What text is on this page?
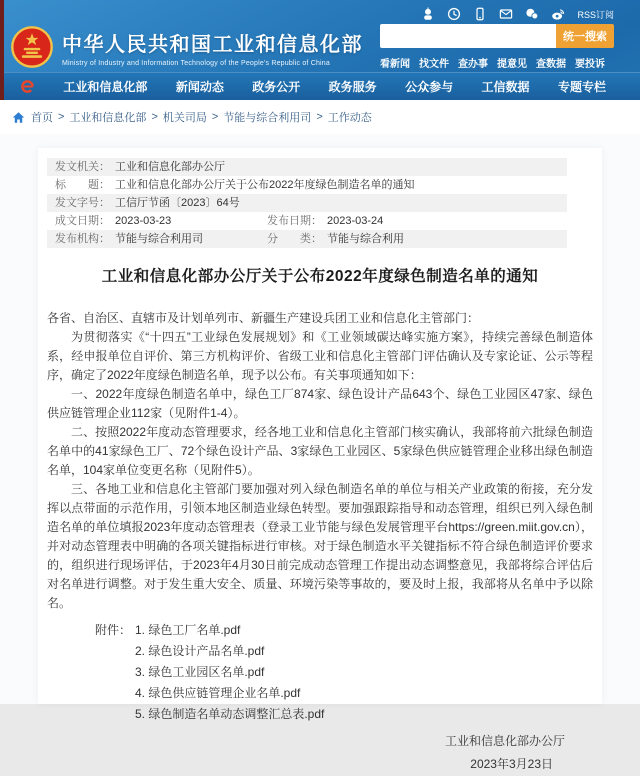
RSS订阅
中华人民共和国工业和信息化部
Ministry of Industry and Information Technology of the People's Republic of China
统一搜索
看新闻 找文件 查办事 提意见 查数据 要投诉
工业和信息化部 新闻动态 政务公开 政务服务 公众参与 工信数据 专题专栏
首页 > 工业和信息化部 > 机关司局 > 节能与综合利用司 > 工作动态
发文机关： 工业和信息化部办公厅
标　　题： 工业和信息化部办公厅关于公布2022年度绿色制造名单的通知
发文字号： 工信厅节函〔2023〕64号
成文日期： 2023-03-23	发布日期： 2023-03-24
发布机构： 节能与综合利用司	分　　类： 节能与综合利用
工业和信息化部办公厅关于公布2022年度绿色制造名单的通知

各省、自治区、直辖市及计划单列市、新疆生产建设兵团工业和信息化主管部门：

为贯彻落实《“十四五”工业绿色发展规划》和《工业领域碳达峰实施方案》，持续完善绿色制造体系，经申报单位自评价、第三方机构评价、省级工业和信息化主管部门评估确认及专家论证、公示等程序，确定了2022年度绿色制造名单，现予以公布。有关事项通知如下：

一、2022年度绿色制造名单中，绿色工厂874家、绿色设计产品643个、绿色工业园区47家、绿色供应链管理企业112家（见附件1-4）。

二、按照2022年度动态管理要求，经各地工业和信息化主管部门核实确认，我部将前六批绿色制造名单中的41家绿色工厂、72个绿色设计产品、3家绿色工业园区、5家绿色供应链管理企业移出绿色制造名单，104家单位变更名称（见附件5）。

三、各地工业和信息化主管部门要加强对列入绿色制造名单的单位与相关产业政策的衔接，充分发挥以点带面的示范作用，引领本地区制造业绿色转型。要加强跟踪指导和动态管理，组织已列入绿色制造名单的单位填报2023年度动态管理表（登录工业节能与绿色发展管理平台https://green.miit.gov.cn），并对动态管理表中明确的各项关键指标进行审核。对于绿色制造水平关键指标不符合绿色制造评价要求的，组织进行现场评估，于2023年4月30日前完成动态管理工作提出动态调整意见，我部将综合评估后对名单进行调整。对于发生重大安全、质量、环境污染等事故的，要及时上报，我部将从名单中予以除名。

附件： 1. 绿色工厂名单.pdf
2. 绿色设计产品名单.pdf
3. 绿色工业园区名单.pdf
4. 绿色供应链管理企业名单.pdf
5. 绿色制造名单动态调整汇总表.pdf
工业和信息化部办公厅
2023年3月23日
